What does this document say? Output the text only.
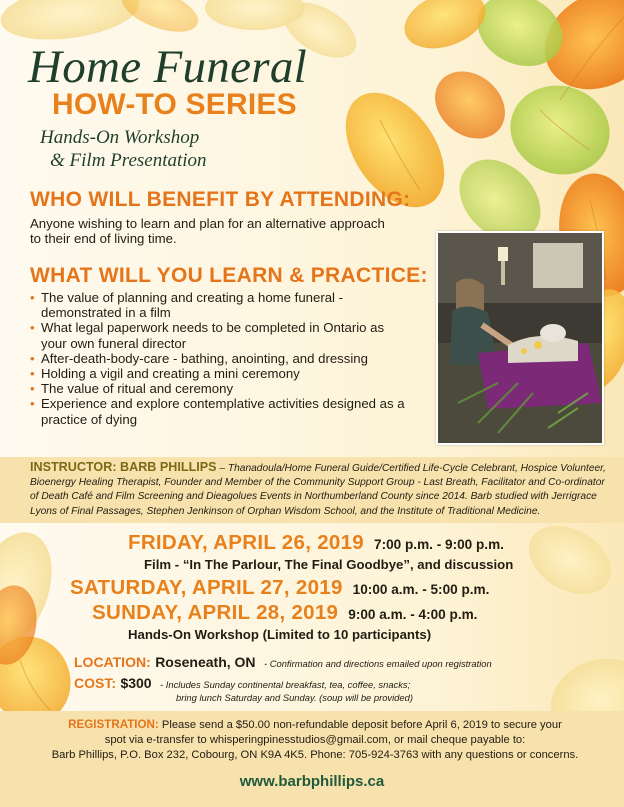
Home Funeral
HOW-TO SERIES
Hands-On Workshop
& Film Presentation
WHO WILL BENEFIT BY ATTENDING:
Anyone wishing to learn and plan for an alternative approach
to their end of living time.
WHAT WILL YOU LEARN & PRACTICE:
• The value of planning and creating a home funeral - demonstrated in a film
• What legal paperwork needs to be completed in Ontario as your own funeral director
• After-death-body-care - bathing, anointing, and dressing
• Holding a vigil and creating a mini ceremony
• The value of ritual and ceremony
• Experience and explore contemplative activities designed as a practice of dying
INSTRUCTOR: BARB PHILLIPS – Thanadoula/Home Funeral Guide/Certified Life-Cycle Celebrant, Hospice Volunteer, Bioenergy Healing Therapist, Founder and Member of the Community Support Group - Last Breath, Facilitator and Co-ordinator of Death Café and Film Screening and Dieagolues Events in Northumberland County since 2014. Barb studied with Jerrigrace Lyons of Final Passages, Stephen Jenkinson of Orphan Wisdom School, and the Institute of Traditional Medicine.
FRIDAY, APRIL 26, 2019 7:00 p.m. - 9:00 p.m.
Film - “In The Parlour, The Final Goodbye”, and discussion
SATURDAY, APRIL 27, 2019 10:00 a.m. - 5:00 p.m.
SUNDAY, APRIL 28, 2019 9:00 a.m. - 4:00 p.m.
Hands-On Workshop (Limited to 10 participants)
LOCATION: Roseneath, ON - Confirmation and directions emailed upon registration
COST: $300 - Includes Sunday continental breakfast, tea, coffee, snacks;
bring lunch Saturday and Sunday. (soup will be provided)
REGISTRATION: Please send a $50.00 non-refundable deposit before April 6, 2019 to secure your
spot via e-transfer to whisperingpinesstudios@gmail.com, or mail cheque payable to:
Barb Phillips, P.O. Box 232, Cobourg, ON K9A 4K5. Phone: 705-924-3763 with any questions or concerns.
www.barbphillips.ca
